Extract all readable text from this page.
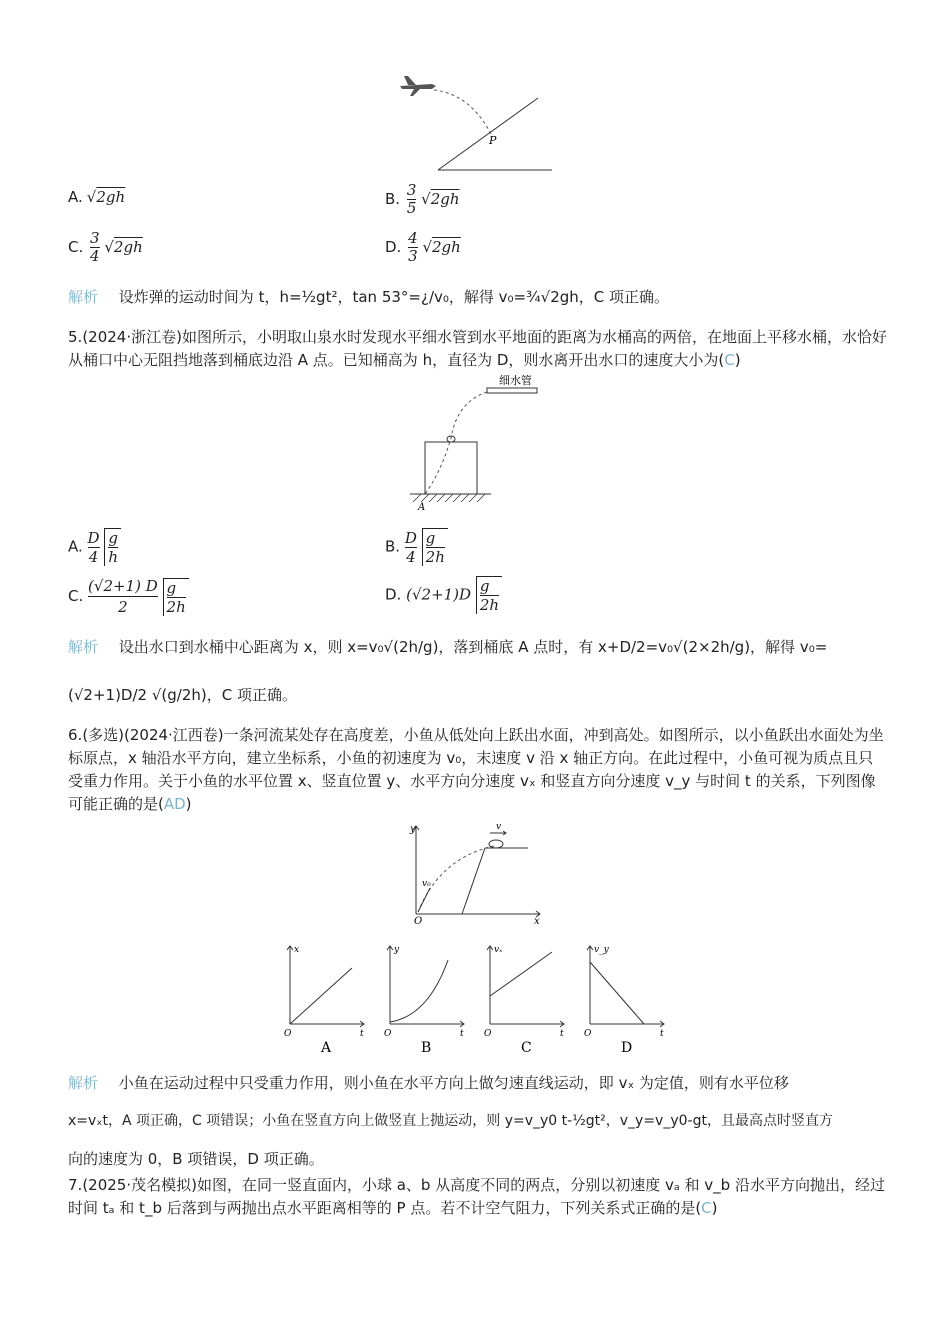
P
A. √2gh	B. 3

5 √2gh
C. 3

4 √2gh	D. 4

3 √2gh
解析 设炸弹的运动时间为 t，h=½gt²，tan 53°=¿/v₀，解得 v₀=¾√2gh，C 项正确。
5.(2024·浙江卷)如图所示，小明取山泉水时发现水平细水管到水平地面的距离为水桶高的两倍，在地面上平移水桶，水恰好从桶口中心无阻挡地落到桶底边沿 A 点。已知桶高为 h，直径为 D，则水离开出水口的速度大小为(C)
细水管
A
A. D

4
g

h
B. D

4
g

2h
C. (√2+1) D

2
g

2h
D. (√2+1)D g

2h
解析 设出水口到水桶中心距离为 x，则 x=v₀√(2h/g)，落到桶底 A 点时，有 x+D/2=v₀√(2×2h/g)，解得 v₀=
(√2+1)D/2 √(g/2h)，C 项正确。
6.(多选)(2024·江西卷)一条河流某处存在高度差，小鱼从低处向上跃出水面，冲到高处。如图所示，以小鱼跃出水面处为坐标原点，x 轴沿水平方向，建立坐标系，小鱼的初速度为 v₀，末速度 v 沿 x 轴正方向。在此过程中，小鱼可视为质点且只受重力作用。关于小鱼的水平位置 x、竖直位置 y、水平方向分速度 vₓ 和竖直方向分速度 v_y 与时间 t 的关系，下列图像可能正确的是(AD)
y
x
O
v₀
v
x
t
O
A
y
t
O
B
vₓ
t
O
C
v_y
t
O
D
解析 小鱼在运动过程中只受重力作用，则小鱼在水平方向上做匀速直线运动，即 vₓ 为定值，则有水平位移
x=vₓt，A 项正确，C 项错误；小鱼在竖直方向上做竖直上抛运动，则 y=v_y0 t-½gt²，v_y=v_y0-gt，且最高点时竖直方
向的速度为 0，B 项错误，D 项正确。
7.(2025·茂名模拟)如图，在同一竖直面内，小球 a、b 从高度不同的两点，分别以初速度 vₐ 和 v_b 沿水平方向抛出，经过时间 tₐ 和 t_b 后落到与两抛出点水平距离相等的 P 点。若不计空气阻力，下列关系式正确的是(C)
